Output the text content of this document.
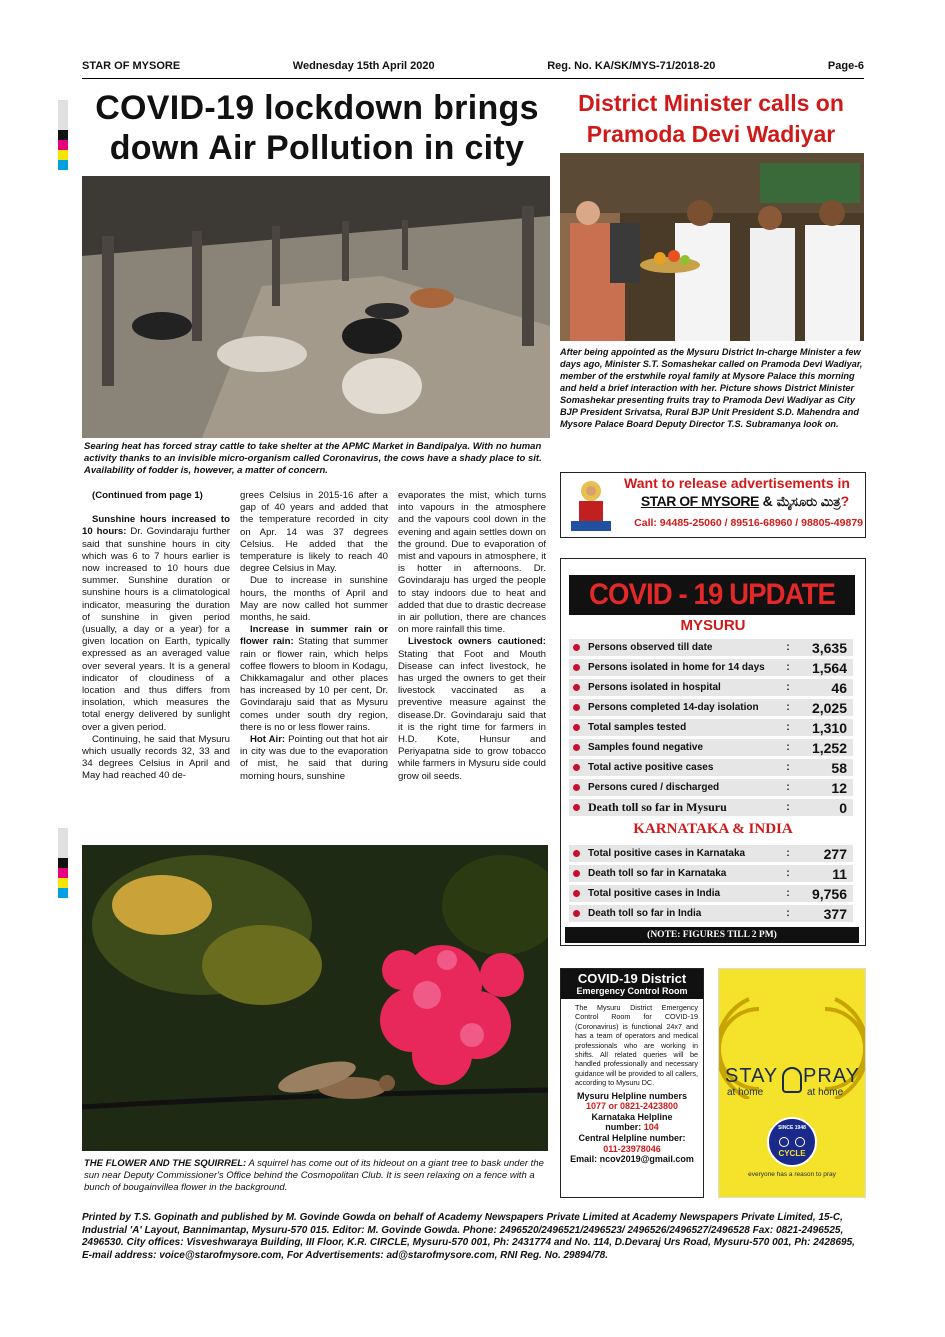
STAR OF MYSORE	Wednesday 15th April 2020	Reg. No. KA/SK/MYS-71/2018-20	Page-6
COVID-19 lockdown brings down Air Pollution in city
Searing heat has forced stray cattle to take shelter at the APMC Market in Bandipalya. With no human activity thanks to an invisible micro-organism called Coronavirus, the cows have a shady place to sit. Availability of fodder is, however, a matter of concern.
(Continued from page 1)

Sunshine hours increased to 10 hours: Dr. Govindaraju further said that sunshine hours in city which was 6 to 7 hours earlier is now increased to 10 hours due summer. Sunshine duration or sunshine hours is a climatological indicator, measuring the duration of sunshine in given period (usually, a day or a year) for a given location on Earth, typically expressed as an averaged value over several years. It is a general indicator of cloudiness of a location and thus differs from insolation, which measures the total energy delivered by sunlight over a given period.

Continuing, he said that Mysuru which usually records 32, 33 and 34 degrees Celsius in April and May had reached 40 de-

grees Celsius in 2015-16 after a gap of 40 years and added that the temperature recorded in city on Apr. 14 was 37 degrees Celsius. He added that the temperature is likely to reach 40 degree Celsius in May.

Due to increase in sunshine hours, the months of April and May are now called hot summer months, he said.

Increase in summer rain or flower rain: Stating that summer rain or flower rain, which helps coffee flowers to bloom in Kodagu, Chikkamagalur and other places has increased by 10 per cent, Dr. Govindaraju said that as Mysuru comes under south dry region, there is no or less flower rains.

Hot Air: Pointing out that hot air in city was due to the evaporation of mist, he said that during morning hours, sunshine

evaporates the mist, which turns into vapours in the atmosphere and the vapours cool down in the evening and again settles down on the ground. Due to evaporation of mist and vapours in atmosphere, it is hotter in afternoons. Dr. Govindaraju has urged the people to stay indoors due to heat and added that due to drastic decrease in air pollution, there are chances on more rainfall this time.

Livestock owners cautioned: Stating that Foot and Mouth Disease can infect livestock, he has urged the owners to get their livestock vaccinated as a preventive measure against the disease.Dr. Govindaraju said that it is the right time for farmers in H.D. Kote, Hunsur and Periyapatna side to grow tobacco while farmers in Mysuru side could grow oil seeds.

THE FLOWER AND THE SQUIRREL: A squirrel has come out of its hideout on a giant tree to bask under the sun near Deputy Commissioner's Office behind the Cosmopolitan Club. It is seen relaxing on a fence with a bunch of bougainvillea flower in the background.
District Minister calls on Pramoda Devi Wadiyar
After being appointed as the Mysuru District In-charge Minister a few days ago, Minister S.T. Somashekar called on Pramoda Devi Wadiyar, member of the erstwhile royal family at Mysore Palace this morning and held a brief interaction with her. Picture shows District Minister Somashekar presenting fruits tray to Pramoda Devi Wadiyar as City BJP President Srivatsa, Rural BJP Unit President S.D. Mahendra and Mysore Palace Board Deputy Director T.S. Subramanya look on.
Want to release advertisements in
STAR OF MYSORE & ಮೈಸೂರು ಮಿತ್ರ?
Call: 94485-25060 / 89516-68960 / 98805-49879
COVID - 19 UPDATE
MYSURU
Persons observed till date	:	3,635
Persons isolated in home for 14 days	:	1,564
Persons isolated in hospital	:	46
Persons completed 14-day isolation	:	2,025
Total samples tested	:	1,310
Samples found negative	:	1,252
Total active positive cases	:	58
Persons cured / discharged	:	12
Death toll so far in Mysuru	:	0
KARNATAKA & INDIA
Total positive cases in Karnataka	:	277
Death toll so far in Karnataka	:	11
Total positive cases in India	:	9,756
Death toll so far in India	:	377
(NOTE: FIGURES TILL 2 PM)
COVID-19 District
Emergency Control Room
The Mysuru District Emergency Control Room for COVID-19 (Coronavirus) is functional 24x7 and has a team of operators and medical professionals who are working in shifts. All related queries will be handled professionally and necessary guidance will be provided to all callers, according to Mysuru DC.
Mysuru Helpline numbers
1077 or 0821-2423800
Karnataka Helpline
number: 104
Central Helpline number:
011-23978046
Email: ncov2019@gmail.com
STAY PRAY
at home	at home
SINCE 1948
CYCLE
everyone has a reason to pray
Printed by T.S. Gopinath and published by M. Govinde Gowda on behalf of Academy Newspapers Private Limited at Academy Newspapers Private Limited, 15-C, Industrial 'A' Layout, Bannimantap, Mysuru-570 015. Editor: M. Govinde Gowda. Phone: 2496520/2496521/2496523/ 2496526/2496527/2496528 Fax: 0821-2496525, 2496530. City offices: Visveshwaraya Building, III Floor, K.R. CIRCLE, Mysuru-570 001, Ph: 2431774 and No. 114, D.Devaraj Urs Road, Mysuru-570 001, Ph: 2428695, E-mail address: voice@starofmysore.com, For Advertisements: ad@starofmysore.com, RNI Reg. No. 29894/78.
